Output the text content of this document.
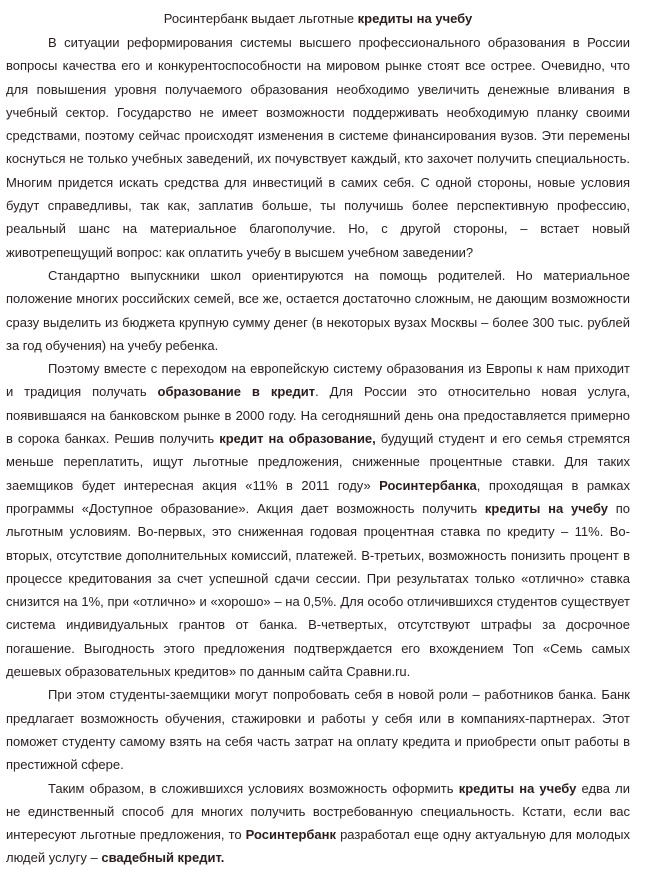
Росинтербанк выдает льготные кредиты на учебу

В ситуации реформирования системы высшего профессионального образования в России вопросы качества его и конкурентоспособности на мировом рынке стоят все острее. Очевидно, что для повышения уровня получаемого образования необходимо увеличить денежные вливания в учебный сектор. Государство не имеет возможности поддерживать необходимую планку своими средствами, поэтому сейчас происходят изменения в системе финансирования вузов. Эти перемены коснуться не только учебных заведений, их почувствует каждый, кто захочет получить специальность. Многим придется искать средства для инвестиций в самих себя. С одной стороны, новые условия будут справедливы, так как, заплатив больше, ты получишь более перспективную профессию, реальный шанс на материальное благополучие. Но, с другой стороны, – встает новый животрепещущий вопрос: как оплатить учебу в высшем учебном заведении?

Стандартно выпускники школ ориентируются на помощь родителей. Но материальное положение многих российских семей, все же, остается достаточно сложным, не дающим возможности сразу выделить из бюджета крупную сумму денег (в некоторых вузах Москвы – более 300 тыс. рублей за год обучения) на учебу ребенка.

Поэтому вместе с переходом на европейскую систему образования из Европы к нам приходит и традиция получать образование в кредит. Для России это относительно новая услуга, появившаяся на банковском рынке в 2000 году. На сегодняшний день она предоставляется примерно в сорока банках. Решив получить кредит на образование, будущий студент и его семья стремятся меньше переплатить, ищут льготные предложения, сниженные процентные ставки. Для таких заемщиков будет интересная акция «11% в 2011 году» Росинтербанка, проходящая в рамках программы «Доступное образование». Акция дает возможность получить кредиты на учебу по льготным условиям. Во-первых, это сниженная годовая процентная ставка по кредиту – 11%. Во-вторых, отсутствие дополнительных комиссий, платежей. В-третьих, возможность понизить процент в процессе кредитования за счет успешной сдачи сессии. При результатах только «отлично» ставка снизится на 1%, при «отлично» и «хорошо» – на 0,5%. Для особо отличившихся студентов существует система индивидуальных грантов от банка. В-четвертых, отсутствуют штрафы за досрочное погашение. Выгодность этого предложения подтверждается его вхождением Топ «Семь самых дешевых образовательных кредитов» по данным сайта Сравни.ru.

При этом студенты-заемщики могут попробовать себя в новой роли – работников банка. Банк предлагает возможность обучения, стажировки и работы у себя или в компаниях-партнерах. Этот поможет студенту самому взять на себя часть затрат на оплату кредита и приобрести опыт работы в престижной сфере.

Таким образом, в сложившихся условиях возможность оформить кредиты на учебу едва ли не единственный способ для многих получить востребованную специальность. Кстати, если вас интересуют льготные предложения, то Росинтербанк разработал еще одну актуальную для молодых людей услугу – свадебный кредит.
